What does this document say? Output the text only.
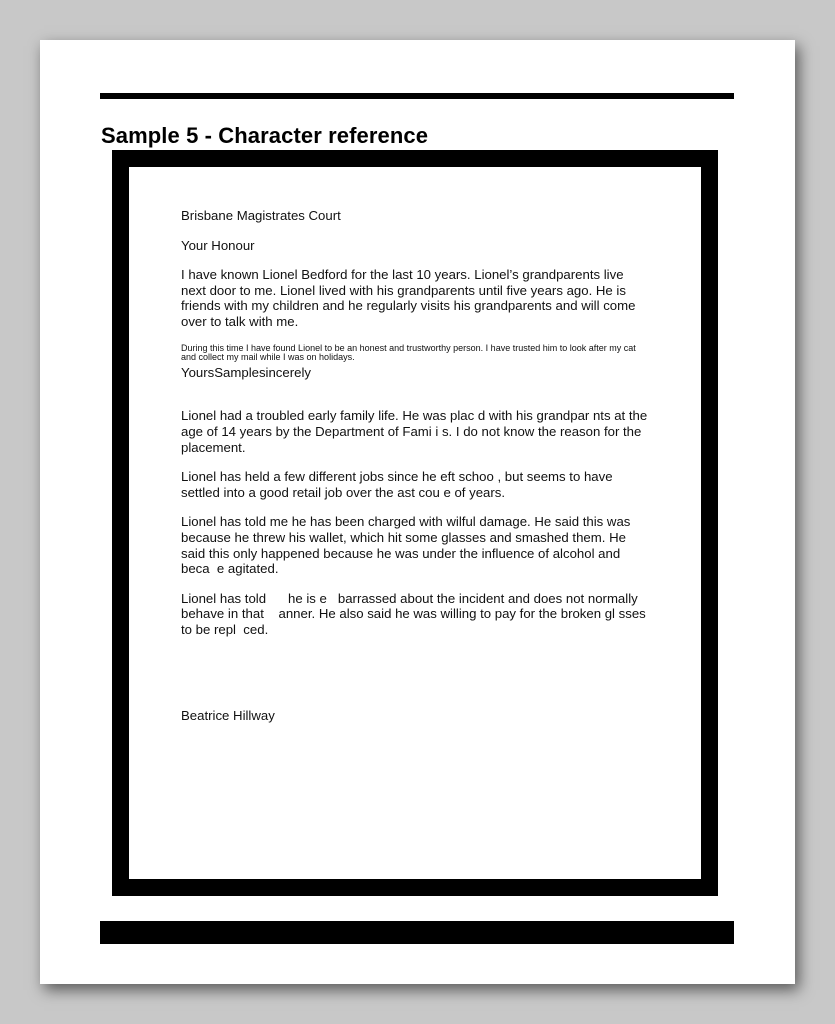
Sample 5 - Character reference

Brisbane Magistrates Court

Your Honour

I have known Lionel Bedford for the last 10 years. Lionel’s grandparents live next door to me. Lionel lived with his grandparents until five years ago. He is friends with my children and he regularly visits his grandparents and will come over to talk with me.

During this time I have found Lionel to be an honest and trustworthy person. I have trusted him to look after my cat and collect my mail while I was on holidays.

YoursSamplesincerely

Lionel had a troubled early family life. He was plac d with his grandpar nts at the age of 14 years by the Department of Fami i s. I do not know the reason for the placement.

Lionel has held a few different jobs since he eft schoo , but seems to have settled into a good retail job over the ast cou e of years.

Lionel has told me he has been charged with wilful damage. He said this was because he threw his wallet, which hit some glasses and smashed them. He said this only happened because he was under the influence of alcohol and beca  e agitated.

Lionel has told      he is e   barrassed about the incident and does not normally behave in that    anner. He also said he was willing to pay for the broken gl sses to be repl  ced.

Beatrice Hillway
